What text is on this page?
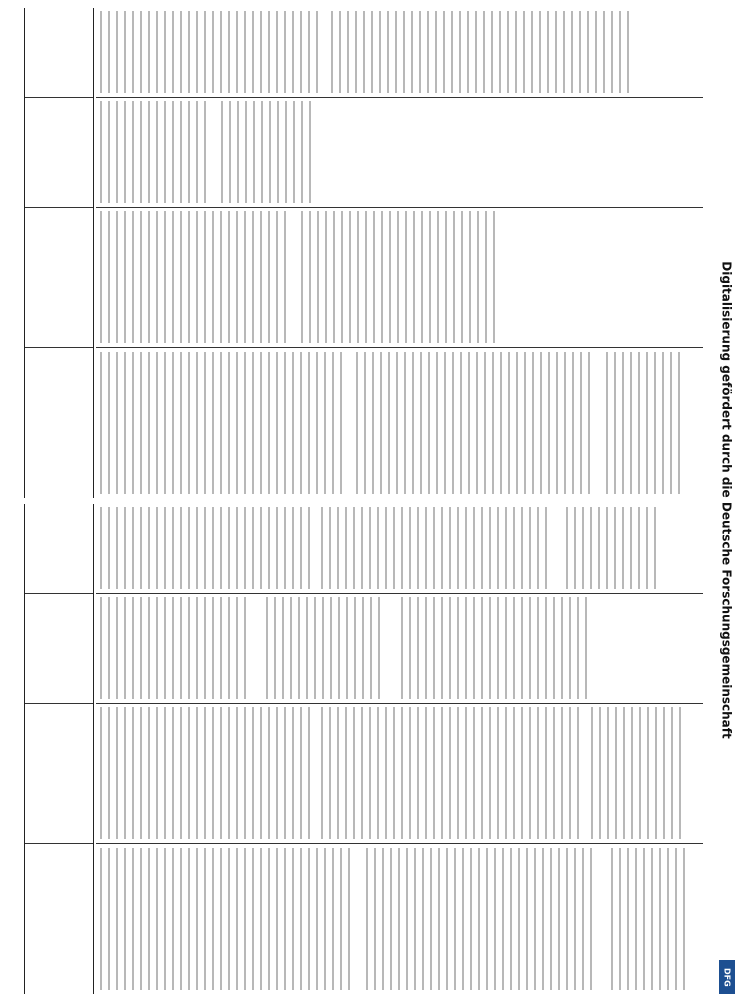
Digitalisierung gefördert durch die Deutsche Forschungsgemeinschaft
DFG
